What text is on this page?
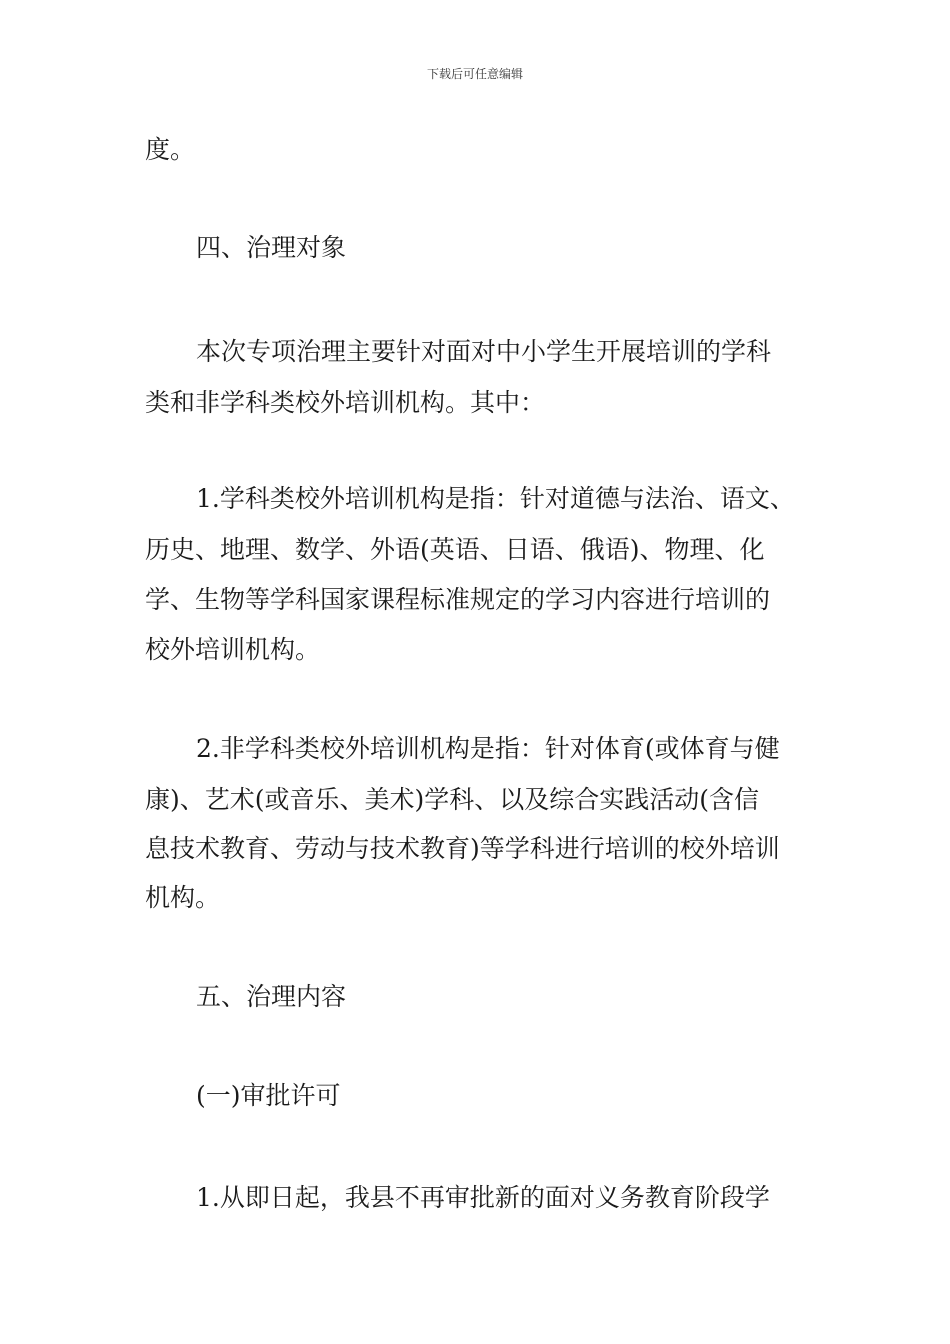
下载后可任意编辑
度。
四、治理对象
本次专项治理主要针对面对中小学生开展培训的学科
类和非学科类校外培训机构。其中：
1.学科类校外培训机构是指：针对道德与法治、语文、
历史、地理、数学、外语(英语、日语、俄语)、物理、化
学、生物等学科国家课程标准规定的学习内容进行培训的
校外培训机构。
2.非学科类校外培训机构是指：针对体育(或体育与健
康)、艺术(或音乐、美术)学科、以及综合实践活动(含信
息技术教育、劳动与技术教育)等学科进行培训的校外培训
机构。
五、治理内容
(一)审批许可
1.从即日起，我县不再审批新的面对义务教育阶段学
